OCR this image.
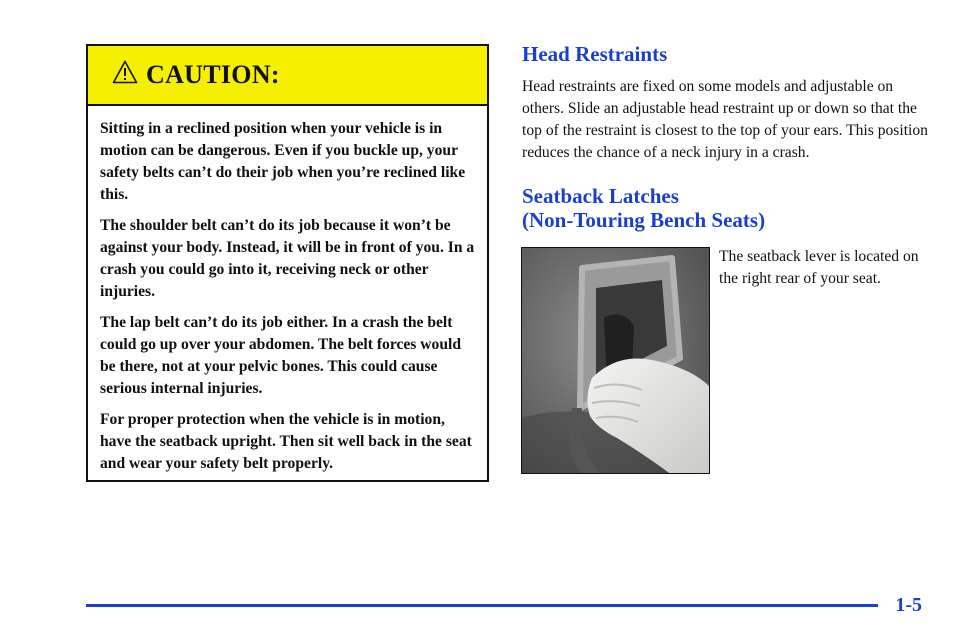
CAUTION:

Sitting in a reclined position when your vehicle is in motion can be dangerous. Even if you buckle up, your safety belts can’t do their job when you’re reclined like this.

The shoulder belt can’t do its job because it won’t be against your body. Instead, it will be in front of you. In a crash you could go into it, receiving neck or other injuries.

The lap belt can’t do its job either. In a crash the belt could go up over your abdomen. The belt forces would be there, not at your pelvic bones. This could cause serious internal injuries.

For proper protection when the vehicle is in motion, have the seatback upright. Then sit well back in the seat and wear your safety belt properly.

Head Restraints

Head restraints are fixed on some models and adjustable on others. Slide an adjustable head restraint up or down so that the top of the restraint is closest to the top of your ears. This position reduces the chance of a neck injury in a crash.

Seatback Latches
(Non-Touring Bench Seats)

The seatback lever is located on the right rear of your seat.

1-5
